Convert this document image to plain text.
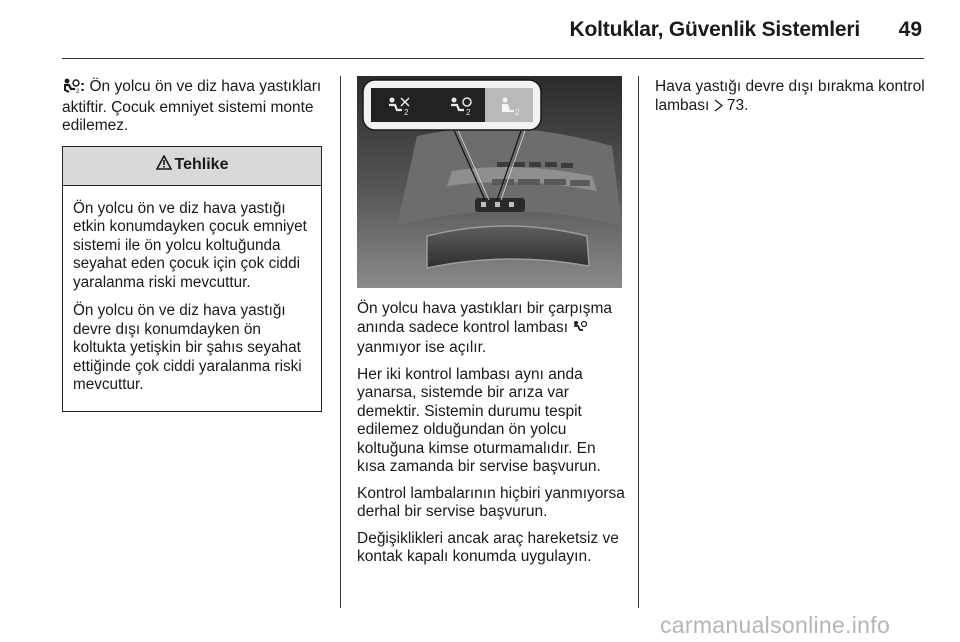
Koltuklar, Güvenlik Sistemleri	49

2 : Ön yolcu ön ve diz hava yastıkları aktiftir. Çocuk emniyet sistemi monte edilemez.

Tehlike

Ön yolcu ön ve diz hava yastığı etkin konumdayken çocuk emniyet sistemi ile ön yolcu koltuğunda seyahat eden çocuk için çok ciddi yaralanma riski mevcuttur.

Ön yolcu ön ve diz hava yastığı devre dışı konumdayken ön koltukta yetişkin bir şahıs seyahat ettiğinde çok ciddi yaralanma riski mevcuttur.

2	2	2

Ön yolcu hava yastıkları bir çarpışma anında sadece kontrol lambası  yanmıyor ise açılır.

Her iki kontrol lambası aynı anda yanarsa, sistemde bir arıza var demektir. Sistemin durumu tespit edilemez olduğundan ön yolcu koltuğuna kimse oturmamalıdır. En kısa zamanda bir servise başvurun.

Kontrol lambalarının hiçbiri yanmıyorsa derhal bir servise başvurun.

Değişiklikleri ancak araç hareketsiz ve kontak kapalı konumda uygulayın.

Hava yastığı devre dışı bırakma kontrol lambası 73.

carmanualsonline.info
